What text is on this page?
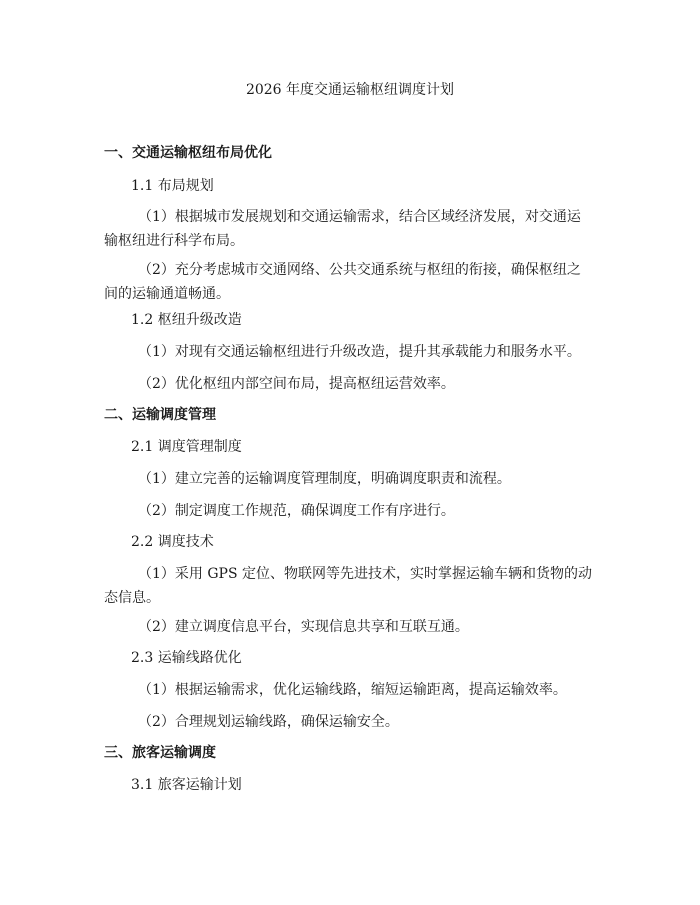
2026 年度交通运输枢纽调度计划
一、交通运输枢纽布局优化
1.1 布局规划

（1）根据城市发展规划和交通运输需求，结合区域经济发展，对交通运输枢纽进行科学布局。

（2）充分考虑城市交通网络、公共交通系统与枢纽的衔接，确保枢纽之间的运输通道畅通。

1.2 枢纽升级改造

（1）对现有交通运输枢纽进行升级改造，提升其承载能力和服务水平。

（2）优化枢纽内部空间布局，提高枢纽运营效率。

二、运输调度管理
2.1 调度管理制度

（1）建立完善的运输调度管理制度，明确调度职责和流程。

（2）制定调度工作规范，确保调度工作有序进行。

2.2 调度技术

（1）采用 GPS 定位、物联网等先进技术，实时掌握运输车辆和货物的动态信息。

（2）建立调度信息平台，实现信息共享和互联互通。

2.3 运输线路优化

（1）根据运输需求，优化运输线路，缩短运输距离，提高运输效率。

（2）合理规划运输线路，确保运输安全。

三、旅客运输调度
3.1 旅客运输计划
